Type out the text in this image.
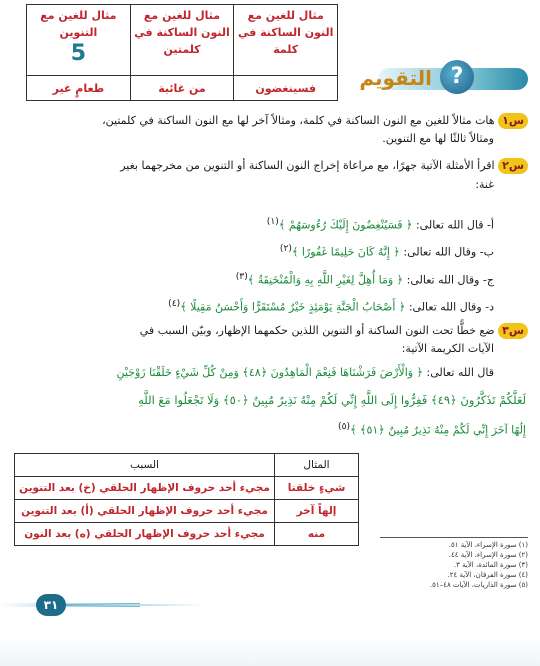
مثال للغين مع النون الساكنة في كلمة	مثال للغين مع النون الساكنة في كلمتين	مثال للغين مع التنوين
5

فسينغضون	من غائبة	طعامٍ غير	?
التقويم
س١ هات مثالاً للغين مع النون الساكنة في كلمة، ومثالاً آخر لها مع النون الساكنة في كلمتين،
ومثالاً ثالثًا لها مع التنوين.
س٢ اقرأ الأمثلة الآتية جهرًا، مع مراعاة إخراج النون الساكنة أو التنوين من مخرجهما بغير
غنة:
أ- قال الله تعالى: ﴿ فَسَيُنْغِضُونَ إِلَيْكَ رُءُوسَهُمْ ﴾$^{(١)}$
ب- وقال الله تعالى: ﴿ إِنَّهُ كَانَ حَلِيمًا غَفُورًا ﴾$^{(٢)}$
ج- وقال الله تعالى: ﴿ وَمَا أُهِلَّ لِغَيْرِ اللَّهِ بِهِ وَالْمُنْخَنِقَةُ ﴾$^{(٣)}$
د- وقال الله تعالى: ﴿ أَصْحَابُ الْجَنَّةِ يَوْمَئِذٍ خَيْرٌ مُسْتَقَرًّا وَأَحْسَنُ مَقِيلًا ﴾$^{(٤)}$
س٣ ضع خطًّا تحت النون الساكنة أو التنوين اللذين حكمهما الإظهار، وبيّن السبب في
الآيات الكريمة الآتية:
قال الله تعالى: ﴿ وَالْأَرْضَ فَرَشْنَاهَا فَنِعْمَ الْمَاهِدُونَ ﴿٤٨﴾ وَمِنْ كُلِّ شَيْءٍ خَلَقْنَا زَوْجَيْنِ
لَعَلَّكُمْ تَذَكَّرُونَ ﴿٤٩﴾ فَفِرُّوا إِلَى اللَّهِ إِنِّي لَكُمْ مِنْهُ نَذِيرٌ مُبِينٌ ﴿٥٠﴾ وَلَا تَجْعَلُوا مَعَ اللَّهِ
إِلَٰهًا آخَرَ إِنِّي لَكُمْ مِنْهُ نَذِيرٌ مُبِينٌ ﴿٥١﴾ ﴾$^{(٥)}$
المثال	السبب
شيءٍ خلقنا	مجيء أحد حروف الإظهار الحلقي (خ) بعد التنوين
إلهاً آخر	مجيء أحد حروف الإظهار الحلقي (أ) بعد التنوين
منه	مجيء أحد حروف الإظهار الحلقي (ه) بعد النون
(١) سورة الإسراء، الآية ٥١.
(٢) سورة الإسراء، الآية ٤٤.
(٣) سورة المائدة، الآية ٣.
(٤) سورة الفرقان، الآية ٢٤.
(٥) سورة الذاريات، الآيات ٤٨–٥١.
٣١
